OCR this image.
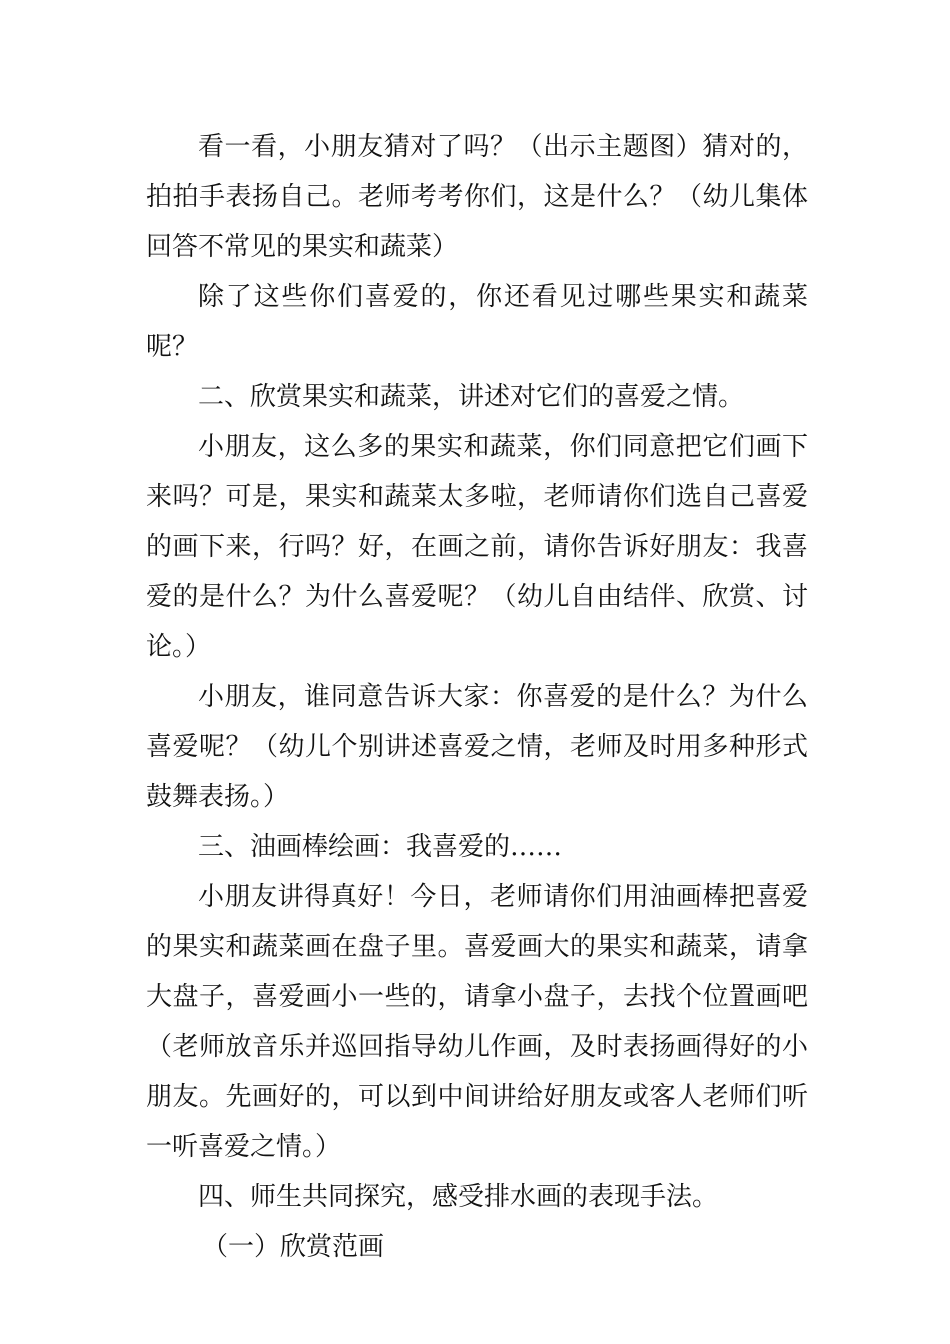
看一看，小朋友猜对了吗？（出示主题图）猜对的，拍拍手表扬自己。老师考考你们，这是什么？（幼儿集体回答不常见的果实和蔬菜）

除了这些你们喜爱的，你还看见过哪些果实和蔬菜呢？

二、欣赏果实和蔬菜，讲述对它们的喜爱之情。

小朋友，这么多的果实和蔬菜，你们同意把它们画下来吗？可是，果实和蔬菜太多啦，老师请你们选自己喜爱的画下来，行吗？好，在画之前，请你告诉好朋友：我喜爱的是什么？为什么喜爱呢？（幼儿自由结伴、欣赏、讨论。）

小朋友，谁同意告诉大家：你喜爱的是什么？为什么喜爱呢？（幼儿个别讲述喜爱之情，老师及时用多种形式鼓舞表扬。）

三、油画棒绘画：我喜爱的……

小朋友讲得真好！今日，老师请你们用油画棒把喜爱的果实和蔬菜画在盘子里。喜爱画大的果实和蔬菜，请拿大盘子，喜爱画小一些的，请拿小盘子，去找个位置画吧（老师放音乐并巡回指导幼儿作画，及时表扬画得好的小朋友。先画好的，可以到中间讲给好朋友或客人老师们听一听喜爱之情。）

四、师生共同探究，感受排水画的表现手法。

（一）欣赏范画
